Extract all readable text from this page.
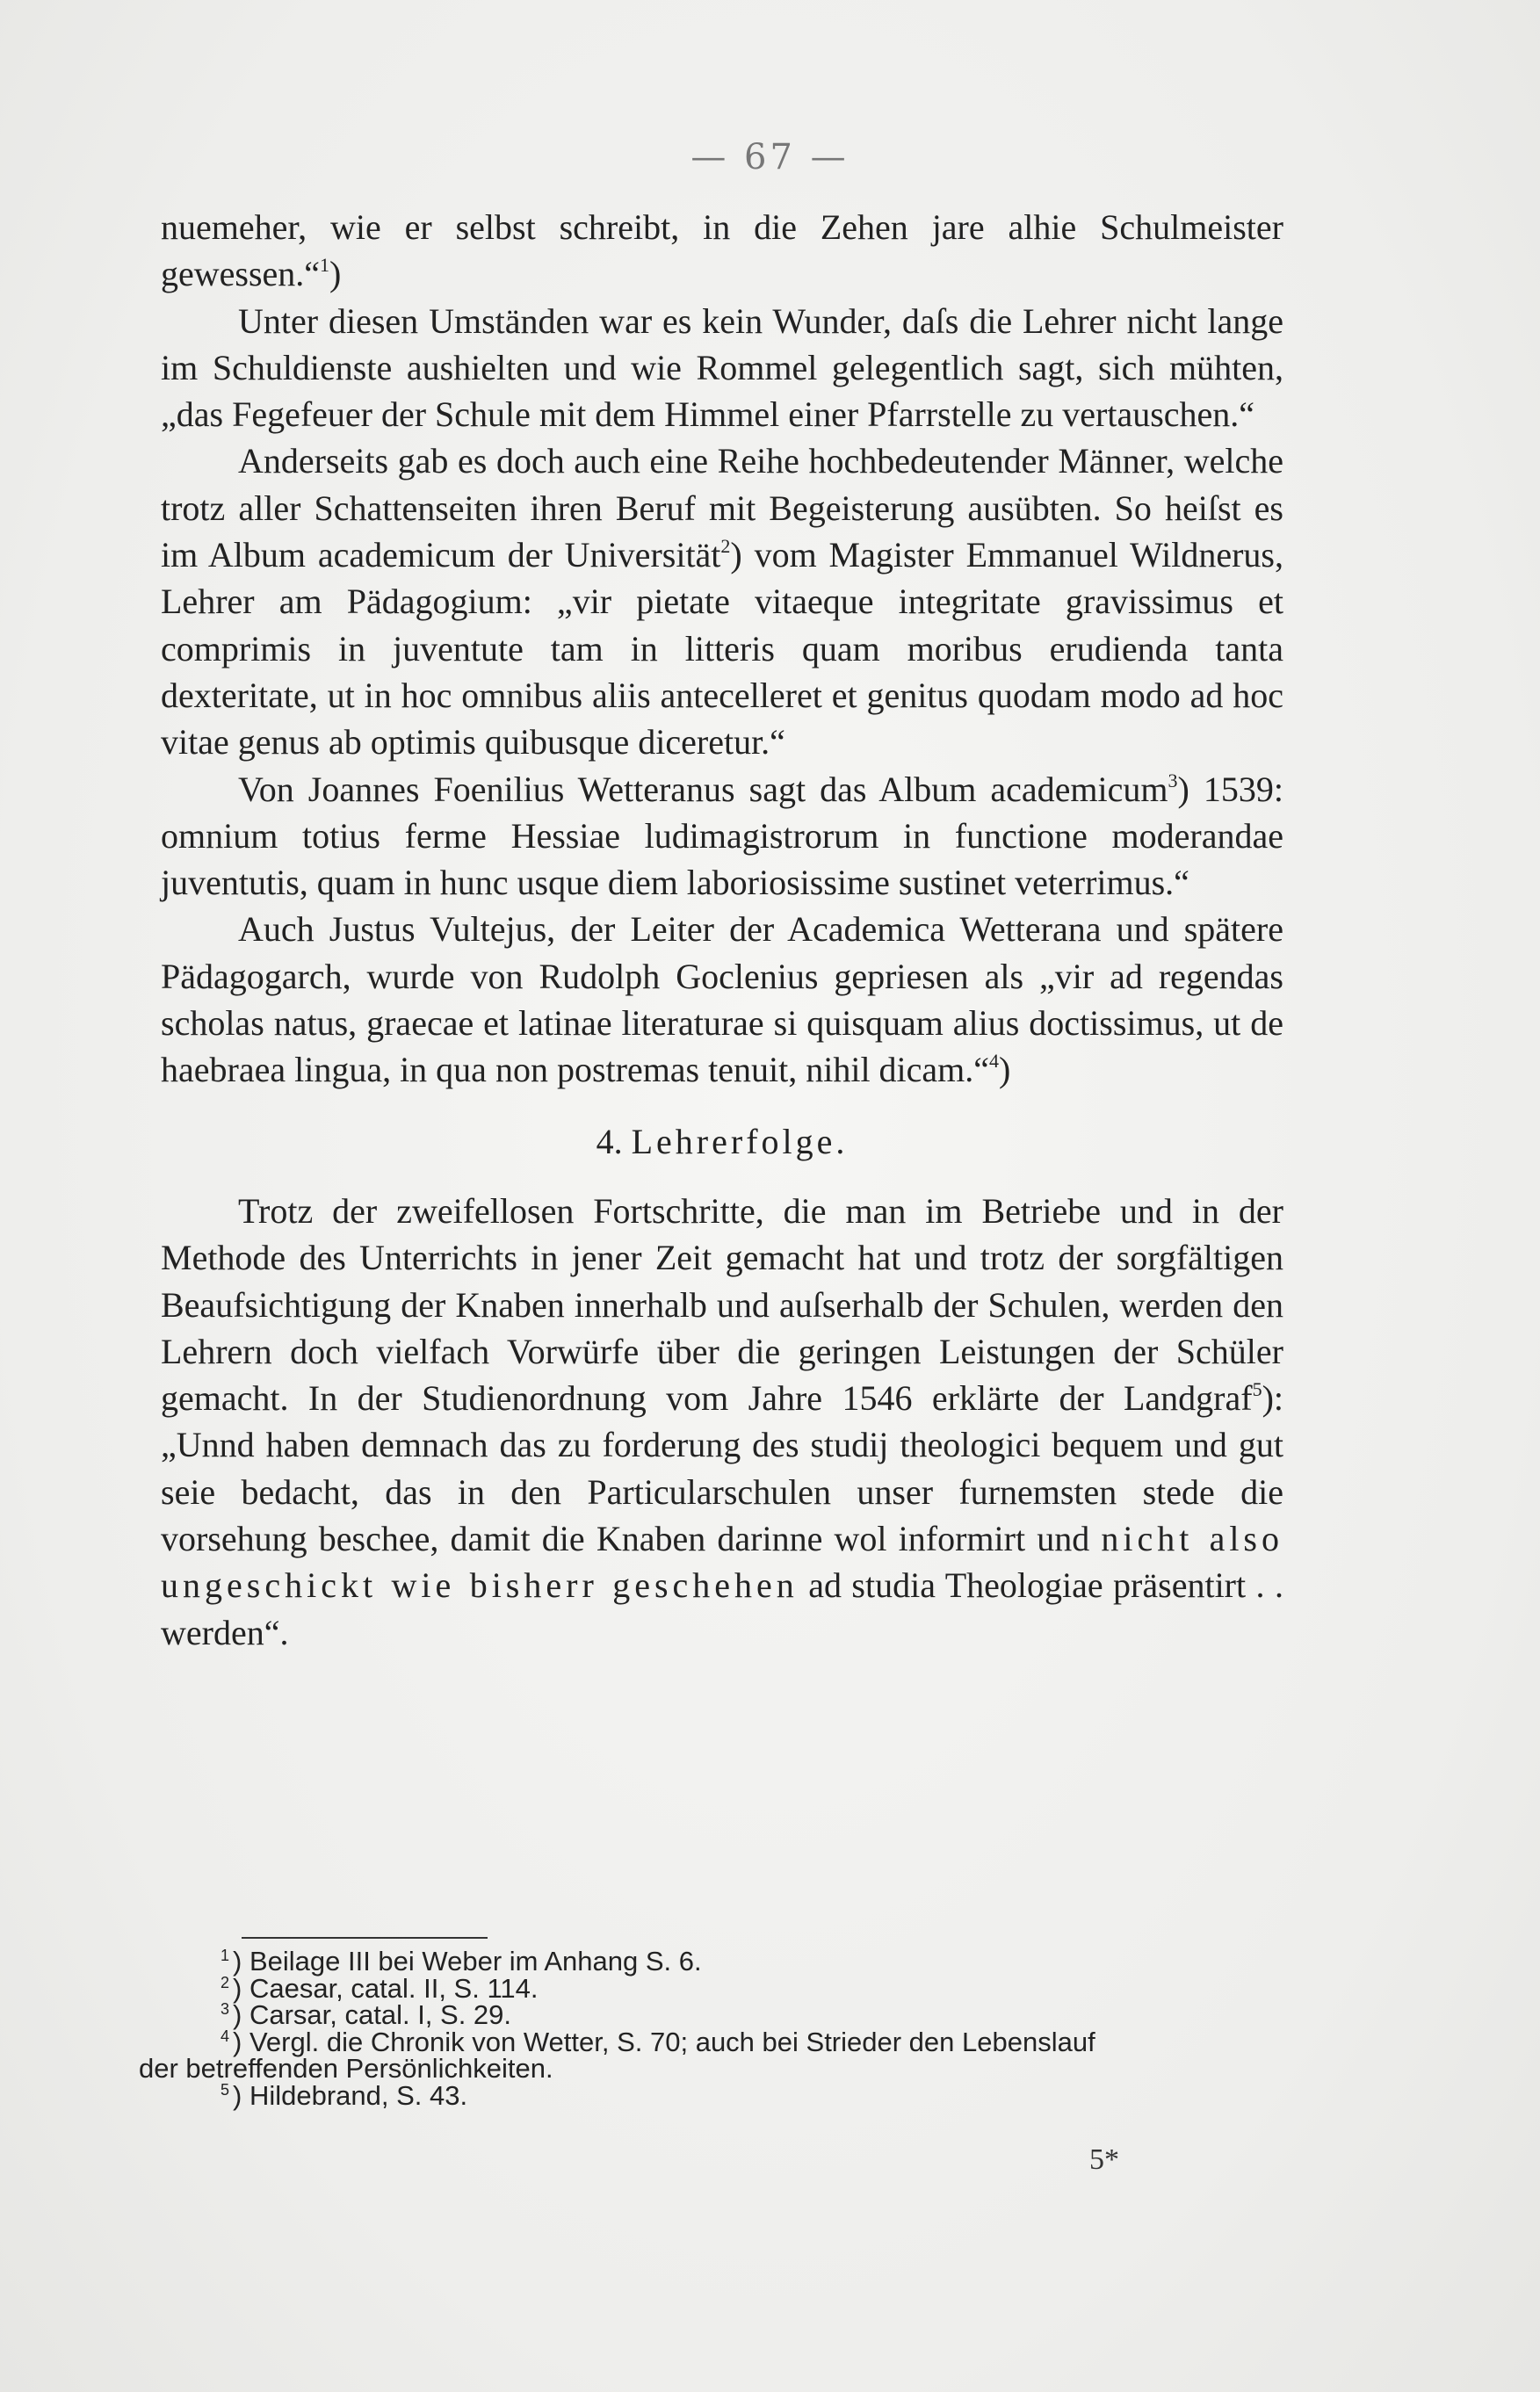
— 67 —

nuemeher, wie er selbst schreibt, in die Zehen jare alhie Schulmeister gewessen.“$^1$)

Unter diesen Umständen war es kein Wunder, daſs die Lehrer nicht lange im Schuldienste aushielten und wie Rommel gelegentlich sagt, sich mühten, „das Fegefeuer der Schule mit dem Himmel einer Pfarrstelle zu vertauschen.“

Anderseits gab es doch auch eine Reihe hochbedeutender Männer, welche trotz aller Schattenseiten ihren Beruf mit Begeisterung ausübten. So heiſst es im Album academicum der Universität$^2$) vom Magister Emmanuel Wildnerus, Lehrer am Pädagogium: „vir pietate vitaeque integritate gravissimus et comprimis in juventute tam in litteris quam moribus erudienda tanta dexteritate, ut in hoc omnibus aliis antecelleret et genitus quodam modo ad hoc vitae genus ab optimis quibusque diceretur.“

Von Joannes Foenilius Wetteranus sagt das Album academicum$^3$) 1539: omnium totius ferme Hessiae ludimagistrorum in functione moderandae juventutis, quam in hunc usque diem laboriosissime sustinet veterrimus.“

Auch Justus Vultejus, der Leiter der Academica Wetterana und spätere Pädagogarch, wurde von Rudolph Goclenius gepriesen als „vir ad regendas scholas natus, graecae et latinae literaturae si quisquam alius doctissimus, ut de haebraea lingua, in qua non postremas tenuit, nihil dicam.“$^4$)

4. Lehrerfolge.

Trotz der zweifellosen Fortschritte, die man im Betriebe und in der Methode des Unterrichts in jener Zeit gemacht hat und trotz der sorgfältigen Beaufsichtigung der Knaben innerhalb und auſserhalb der Schulen, werden den Lehrern doch vielfach Vorwürfe über die geringen Leistungen der Schüler gemacht. In der Studienordnung vom Jahre 1546 erklärte der Landgraf$^5$): „Unnd haben demnach das zu forderung des studij theologici bequem und gut seie bedacht, das in den Particularschulen unser furnemsten stede die vorsehung beschee, damit die Knaben darinne wol informirt und nicht also ungeschickt wie bisherr geschehen ad studia Theologiae präsentirt . . werden“.

$^1$ ) Beilage III bei Weber im Anhang S. 6.
$^2$ ) Caesar, catal. II, S. 114.
$^3$ ) Carsar, catal. I, S. 29.
$^4$ ) Vergl. die Chronik von Wetter, S. 70; auch bei Strieder den Lebenslauf
der betreffenden Persönlichkeiten.
$^5$ ) Hildebrand, S. 43.
5*
